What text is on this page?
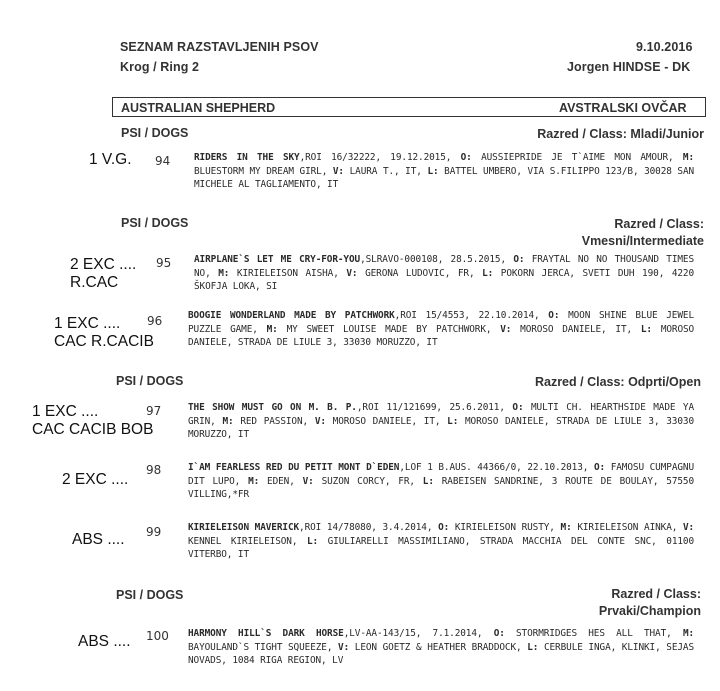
SEZNAM RAZSTAVLJENIH PSOV	9.10.2016
Krog / Ring 2	Jorgen HINDSE - DK
AUSTRALIAN SHEPHERD	AVSTRALSKI OVČAR
PSI / DOGS	Razred / Class: Mladi/Junior
1 V.G. 94	RIDERS IN THE SKY,ROI 16/32222, 19.12.2015, O: AUSSIEPRIDE JE T`AIME MON AMOUR, M: BLUESTORM MY DREAM GIRL, V: LAURA T., IT, L: BATTEL UMBERO, VIA S.FILIPPO 123/B, 30028 SAN MICHELE AL TAGLIAMENTO, IT
PSI / DOGS	Razred / Class:
Vmesni/Intermediate
2 EXC ....
R.CAC
95 AIRPLANE`S LET ME CRY-FOR-YOU,SLRAVO-000108, 28.5.2015, O: FRAYTAL NO NO THOUSAND TIMES NO, M: KIRIELEISON AISHA, V: GERONA LUDOVIC, FR, L: POKORN JERCA, SVETI DUH 190, 4220 ŠKOFJA LOKA, SI
1 EXC ....
CAC R.CACIB
96	BOOGIE WONDERLAND MADE BY PATCHWORK,ROI 15/4553, 22.10.2014, O: MOON SHINE BLUE JEWEL PUZZLE GAME, M: MY SWEET LOUISE MADE BY PATCHWORK, V: MOROSO DANIELE, IT, L: MOROSO DANIELE, STRADA DE LIULE 3, 33030 MORUZZO, IT
PSI / DOGS	Razred / Class: Odprti/Open
1 EXC ....
CAC CACIB BOB
97	THE SHOW MUST GO ON M. B. P.,ROI 11/121699, 25.6.2011, O: MULTI CH. HEARTHSIDE MADE YA GRIN, M: RED PASSION, V: MOROSO DANIELE, IT, L: MOROSO DANIELE, STRADA DE LIULE 3, 33030 MORUZZO, IT
2 EXC ....
98	I`AM FEARLESS RED DU PETIT MONT D`EDEN,LOF 1 B.AUS. 44366/0, 22.10.2013, O: FAMOSU CUMPAGNU DIT LUPO, M: EDEN, V: SUZON CORCY, FR, L: RABEISEN SANDRINE, 3 ROUTE DE BOULAY, 57550 VILLING,*FR
ABS .... 99	KIRIELEISON MAVERICK,ROI 14/78080, 3.4.2014, O: KIRIELEISON RUSTY, M: KIRIELEISON AINKA, V: KENNEL KIRIELEISON, L: GIULIARELLI MASSIMILIANO, STRADA MACCHIA DEL CONTE SNC, 01100 VITERBO, IT
PSI / DOGS	Razred / Class:
Prvaki/Champion
ABS .... 100 HARMONY HILL`S DARK HORSE,LV-AA-143/15, 7.1.2014, O: STORMRIDGES HES ALL THAT, M: BAYOULAND`S TIGHT SQUEEZE, V: LEON GOETZ & HEATHER BRADDOCK, L: CERBULE INGA, KLINKI, SEJAS NOVADS, 1084 RIGA REGION, LV
